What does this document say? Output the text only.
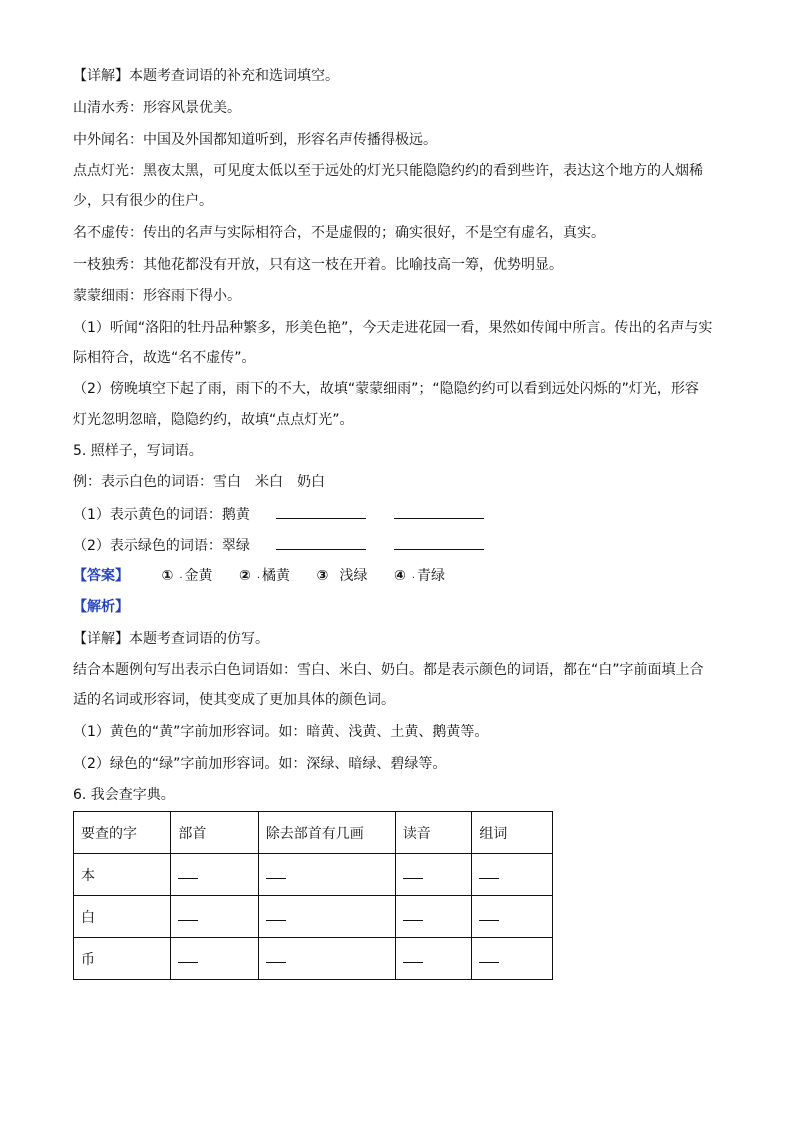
【详解】本题考查词语的补充和选词填空。
山清水秀：形容风景优美。
中外闻名：中国及外国都知道听到，形容名声传播得极远。
点点灯光：黑夜太黑，可见度太低以至于远处的灯光只能隐隐约约的看到些许，表达这个地方的人烟稀
少，只有很少的住户。
名不虚传：传出的名声与实际相符合，不是虚假的；确实很好，不是空有虚名，真实。
一枝独秀：其他花都没有开放，只有这一枝在开着。比喻技高一筹，优势明显。
蒙蒙细雨：形容雨下得小。
（1）听闻“洛阳的牡丹品种繁多，形美色艳”，今天走进花园一看，果然如传闻中所言。传出的名声与实
际相符合，故选“名不虚传”。
（2）傍晚填空下起了雨，雨下的不大，故填“蒙蒙细雨”；“隐隐约约可以看到远处闪烁的”灯光，形容
灯光忽明忽暗，隐隐约约，故填“点点灯光”。
5. 照样子，写词语。
例：表示白色的词语：雪白　米白　奶白
（1）表示黄色的词语：鹅黄
（2）表示绿色的词语：翠绿
【答案】 ① . 金黄 ② . 橘黄 ③ 浅绿 ④ . 青绿
【解析】
【详解】本题考查词语的仿写。
结合本题例句写出表示白色词语如：雪白、米白、奶白。都是表示颜色的词语，都在“白”字前面填上合
适的名词或形容词，使其变成了更加具体的颜色词。
（1）黄色的“黄”字前加形容词。如：暗黄、浅黄、土黄、鹅黄等。
（2）绿色的“绿”字前加形容词。如：深绿、暗绿、碧绿等。
6. 我会查字典。
要查的字	部首	除去部首有几画	读音	组词
本				
白				
币				
